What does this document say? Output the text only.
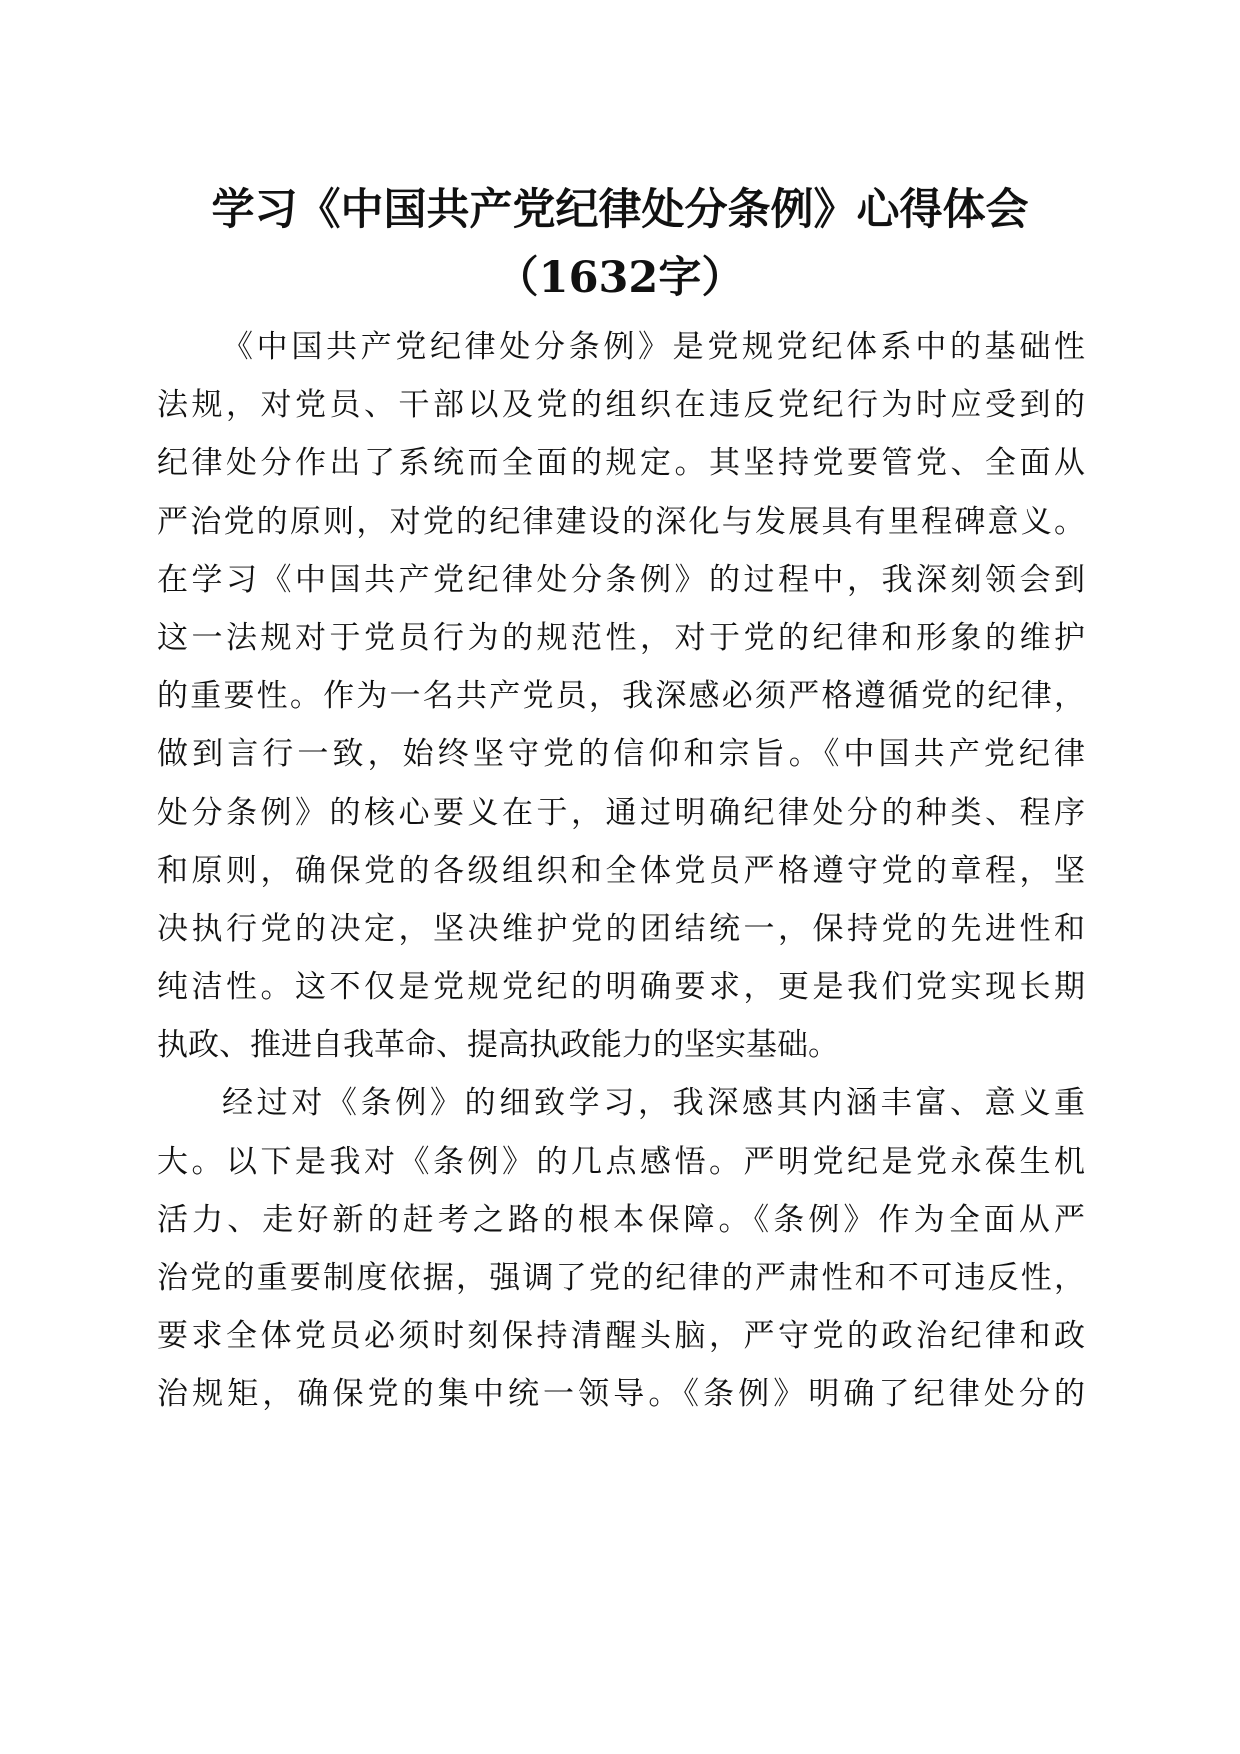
学习《中国共产党纪律处分条例》心得体会
（1632字）
《中国共产党纪律处分条例》是党规党纪体系中的基础性
法规，对党员、干部以及党的组织在违反党纪行为时应受到的
纪律处分作出了系统而全面的规定。其坚持党要管党、全面从
严治党的原则，对党的纪律建设的深化与发展具有里程碑意义。
在学习《中国共产党纪律处分条例》的过程中，我深刻领会到
这一法规对于党员行为的规范性，对于党的纪律和形象的维护
的重要性。作为一名共产党员，我深感必须严格遵循党的纪律，
做到言行一致，始终坚守党的信仰和宗旨。《中国共产党纪律
处分条例》的核心要义在于，通过明确纪律处分的种类、程序
和原则，确保党的各级组织和全体党员严格遵守党的章程，坚
决执行党的决定，坚决维护党的团结统一，保持党的先进性和
纯洁性。这不仅是党规党纪的明确要求，更是我们党实现长期
执政、推进自我革命、提高执政能力的坚实基础。
经过对《条例》的细致学习，我深感其内涵丰富、意义重
大。以下是我对《条例》的几点感悟。严明党纪是党永葆生机
活力、走好新的赶考之路的根本保障。《条例》作为全面从严
治党的重要制度依据，强调了党的纪律的严肃性和不可违反性，
要求全体党员必须时刻保持清醒头脑，严守党的政治纪律和政
治规矩，确保党的集中统一领导。《条例》明确了纪律处分的
